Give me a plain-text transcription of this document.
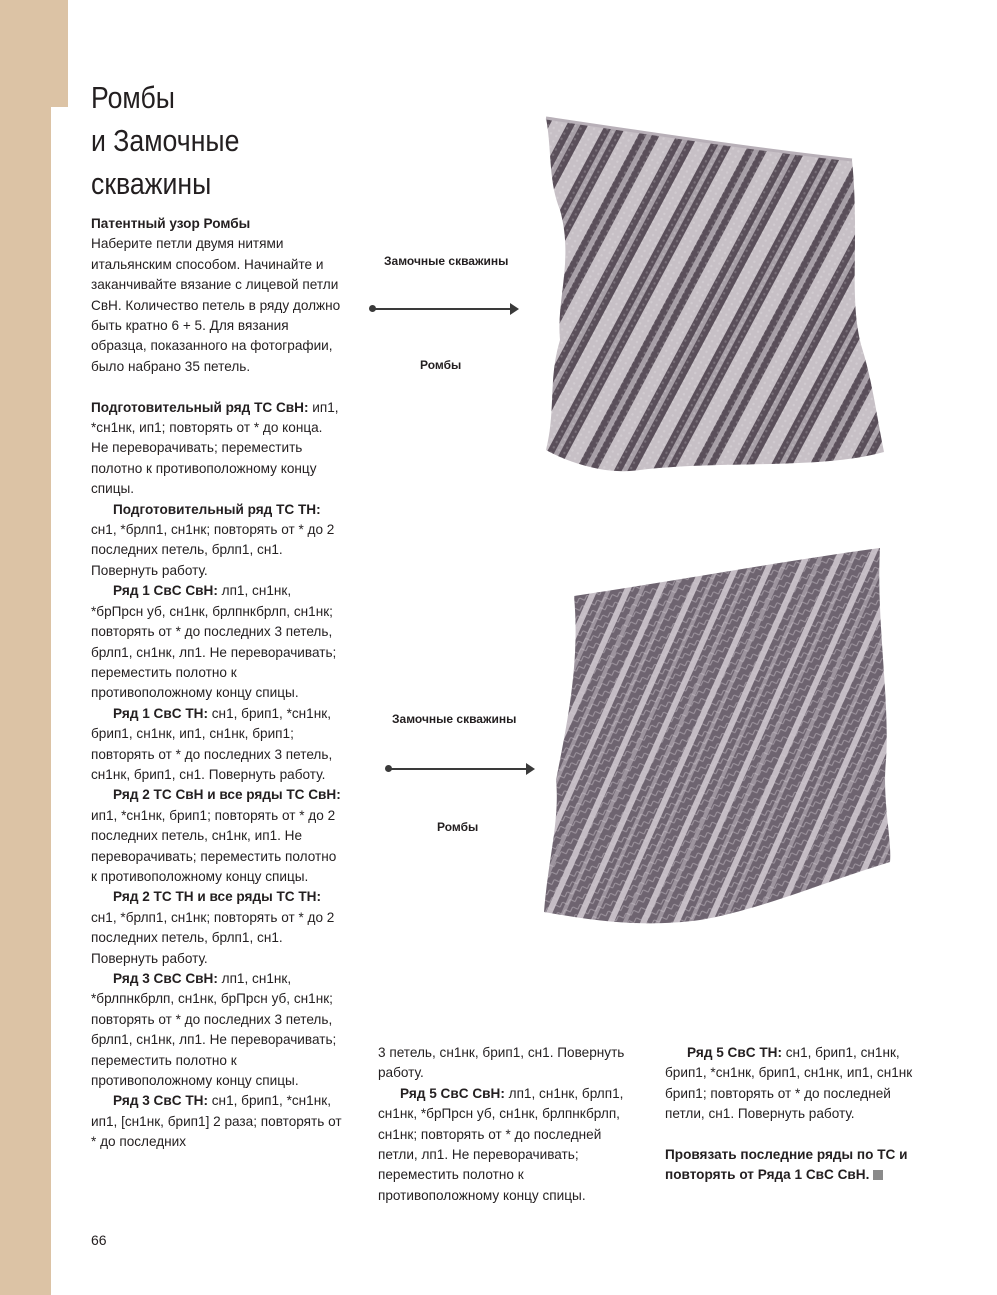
Ромбы
и Замочные
скважины

Патентный узор Ромбы

Наберите петли двумя нитями итальянским способом. Начинайте и заканчивайте вязание с лицевой петли СвН. Количество петель в ряду должно быть кратно 6 + 5. Для вязания образца, показанного на фотографии, было набрано 35 петель.

Подготовительный ряд ТС СвН: ип1, *сн1нк, ип1; повторять от * до конца. Не переворачивать; переместить полотно к противоположному концу спицы.

Подготовительный ряд ТС ТН: сн1, *брлп1, сн1нк; повторять от * до 2 последних петель, брлп1, сн1. Повернуть работу.

Ряд 1 СвС СвН: лп1, сн1нк, *брПрсн уб, сн1нк, брлпнкбрлп, сн1нк; повторять от * до последних 3 петель, брлп1, сн1нк, лп1. Не переворачивать; переместить полотно к противоположному концу спицы.

Ряд 1 СвС ТН: сн1, брип1, *сн1нк, брип1, сн1нк, ип1, сн1нк, брип1; повторять от * до последних 3 петель, сн1нк, брип1, сн1. Повернуть работу.

Ряд 2 ТС СвН и все ряды ТС СвН: ип1, *сн1нк, брип1; повторять от * до 2 последних петель, сн1нк, ип1. Не переворачивать; переместить полотно к противоположному концу спицы.

Ряд 2 ТС ТН и все ряды ТС ТН: сн1, *брлп1, сн1нк; повторять от * до 2 последних петель, брлп1, сн1. Повернуть работу.

Ряд 3 СвС СвН: лп1, сн1нк, *брлпнкбрлп, сн1нк, брПрсн уб, сн1нк; повторять от * до последних 3 петель, брлп1, сн1нк, лп1. Не переворачивать; переместить полотно к противоположному концу спицы.

Ряд 3 СвС ТН: сн1, брип1, *сн1нк, ип1, [сн1нк, брип1] 2 раза; повторять от * до последних

3 петель, сн1нк, брип1, сн1. Повернуть работу.

Ряд 5 СвС СвН: лп1, сн1нк, брлп1, сн1нк, *брПрсн уб, сн1нк, брлпнкбрлп, сн1нк; повторять от * до последней петли, лп1. Не переворачивать; переместить полотно к противоположному концу спицы.

Ряд 5 СвС ТН: сн1, брип1, сн1нк, брип1, *сн1нк, брип1, сн1нк, ип1, сн1нк брип1; повторять от * до последней петли, сн1. Повернуть работу.

Провязать последние ряды по ТС и повторять от Ряда 1 СвС СвН.

Замочные скважины
Ромбы
Замочные скважины
Ромбы
66
